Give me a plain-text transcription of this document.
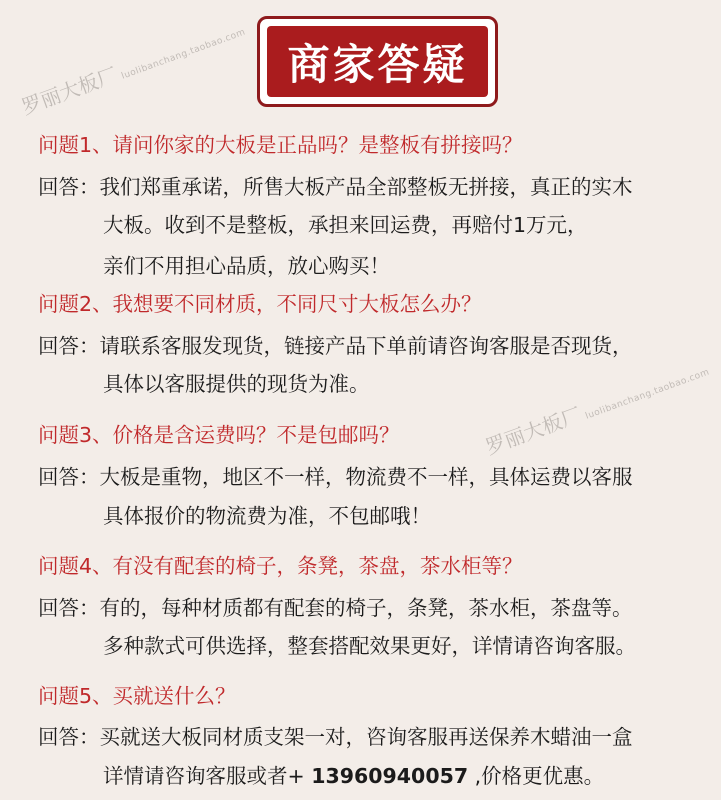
商家答疑
罗丽大板厂luolibanchang.taobao.com
罗丽大板厂luolibanchang.taobao.com

问题1、请问你家的大板是正品吗？是整板有拼接吗？

回答：我们郑重承诺，所售大板产品全部整板无拼接，真正的实木

大板。收到不是整板，承担来回运费，再赔付1万元，

亲们不用担心品质，放心购买！

问题2、我想要不同材质，不同尺寸大板怎么办？

回答：请联系客服发现货，链接产品下单前请咨询客服是否现货，

具体以客服提供的现货为准。

问题3、价格是含运费吗？不是包邮吗？

回答：大板是重物，地区不一样，物流费不一样，具体运费以客服

具体报价的物流费为准，不包邮哦！

问题4、有没有配套的椅子，条凳，茶盘，茶水柜等？

回答：有的，每种材质都有配套的椅子，条凳，茶水柜，茶盘等。

多种款式可供选择，整套搭配效果更好，详情请咨询客服。

问题5、买就送什么？

回答：买就送大板同材质支架一对，咨询客服再送保养木蜡油一盒

详情请咨询客服或者+ 13960940057 ,价格更优惠。
